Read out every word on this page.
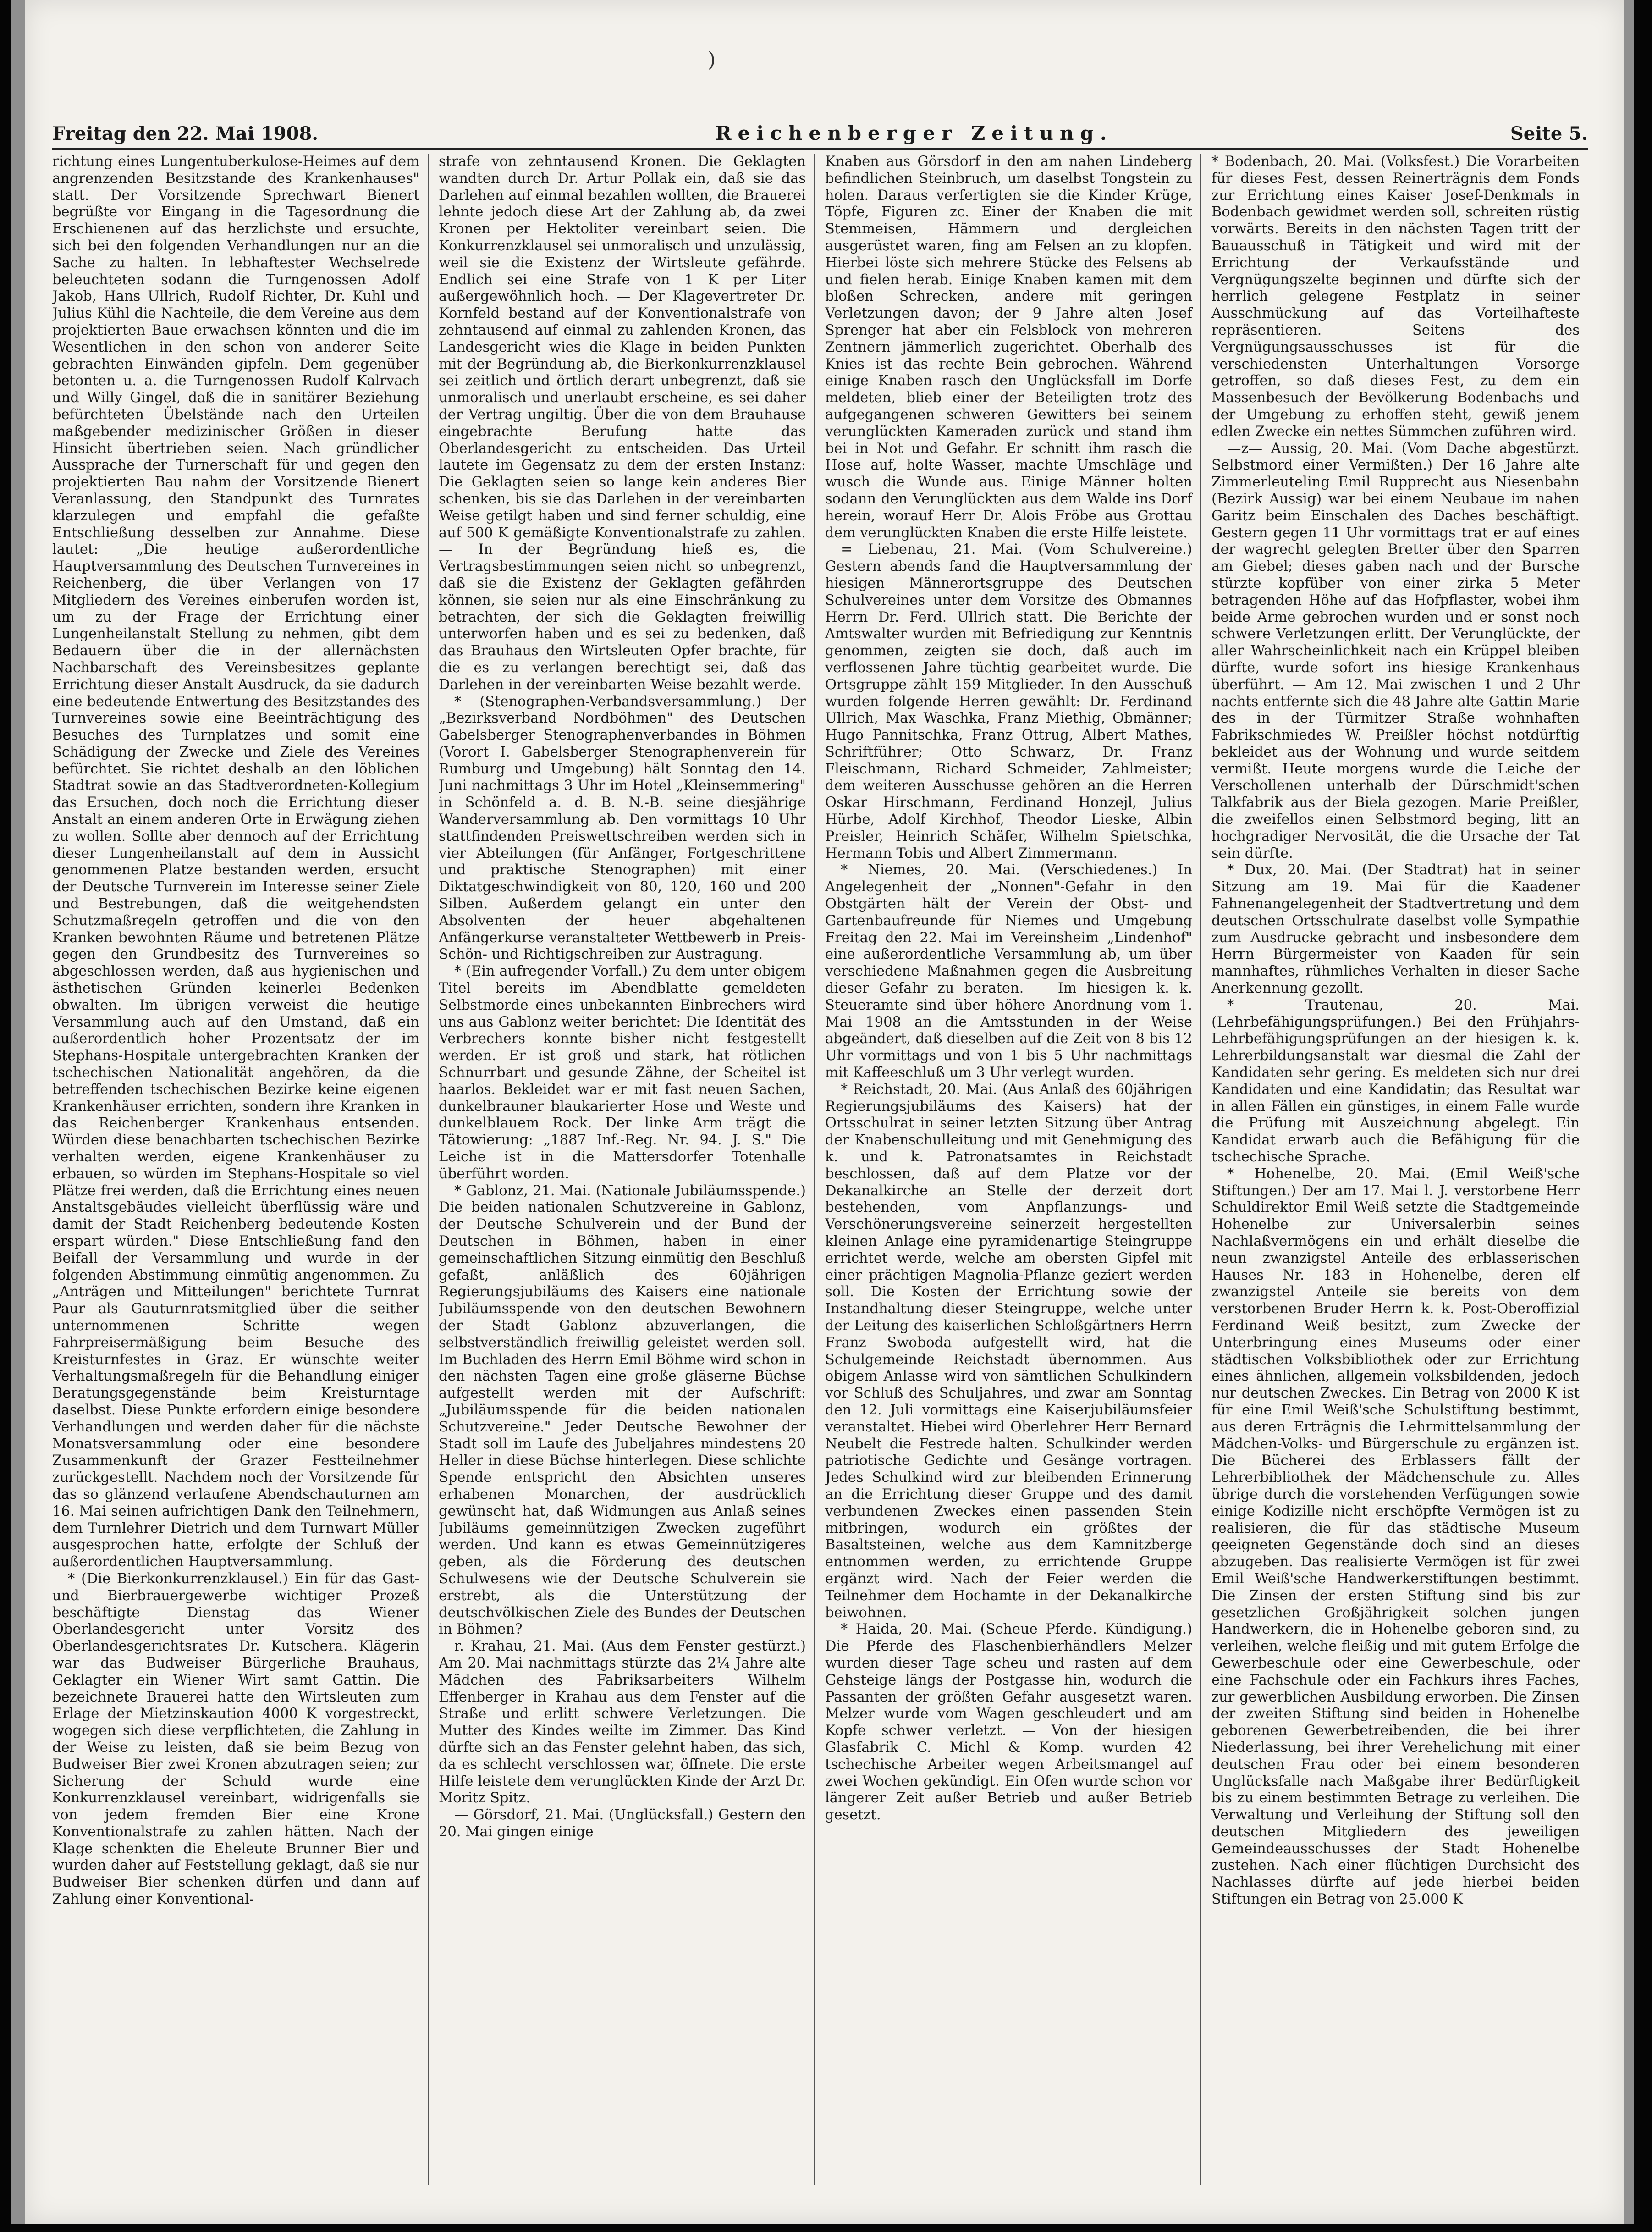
)
Freitag den 22. Mai 1908.	Reichenberger Zeitung.	Seite 5.

richtung eines Lungentuberkulose-Heimes auf dem angrenzenden Besitzstande des Krankenhauses" statt. Der Vorsitzende Sprechwart Bienert begrüßte vor Eingang in die Tagesordnung die Erschienenen auf das herzlichste und ersuchte, sich bei den folgenden Verhandlungen nur an die Sache zu halten. In lebhaftester Wechselrede beleuchteten sodann die Turngenossen Adolf Jakob, Hans Ullrich, Rudolf Richter, Dr. Kuhl und Julius Kühl die Nachteile, die dem Vereine aus dem projektierten Baue erwachsen könnten und die im Wesentlichen in den schon von anderer Seite gebrachten Einwänden gipfeln. Dem gegenüber betonten u. a. die Turngenossen Rudolf Kalrvach und Willy Gingel, daß die in sanitärer Beziehung befürchteten Übelstände nach den Urteilen maßgebender medizinischer Größen in dieser Hinsicht übertrieben seien. Nach gründlicher Aussprache der Turnerschaft für und gegen den projektierten Bau nahm der Vorsitzende Bienert Veranlassung, den Standpunkt des Turnrates klarzulegen und empfahl die gefaßte Entschließung desselben zur Annahme. Diese lautet: „Die heutige außerordentliche Hauptversammlung des Deutschen Turnvereines in Reichenberg, die über Verlangen von 17 Mitgliedern des Vereines einberufen worden ist, um zu der Frage der Errichtung einer Lungenheilanstalt Stellung zu nehmen, gibt dem Bedauern über die in der allernächsten Nachbarschaft des Vereinsbesitzes geplante Errichtung dieser Anstalt Ausdruck, da sie dadurch eine bedeutende Entwertung des Besitzstandes des Turnvereines sowie eine Beeinträchtigung des Besuches des Turnplatzes und somit eine Schädigung der Zwecke und Ziele des Vereines befürchtet. Sie richtet deshalb an den löblichen Stadtrat sowie an das Stadtverordneten-Kollegium das Ersuchen, doch noch die Errichtung dieser Anstalt an einem anderen Orte in Erwägung ziehen zu wollen. Sollte aber dennoch auf der Errichtung dieser Lungenheilanstalt auf dem in Aussicht genommenen Platze bestanden werden, ersucht der Deutsche Turnverein im Interesse seiner Ziele und Bestrebungen, daß die weitgehendsten Schutzmaßregeln getroffen und die von den Kranken bewohnten Räume und betretenen Plätze gegen den Grundbesitz des Turnvereines so abgeschlossen werden, daß aus hygienischen und ästhetischen Gründen keinerlei Bedenken obwalten. Im übrigen verweist die heutige Versammlung auch auf den Umstand, daß ein außerordentlich hoher Prozentsatz der im Stephans-Hospitale untergebrachten Kranken der tschechischen Nationalität angehören, da die betreffenden tschechischen Bezirke keine eigenen Krankenhäuser errichten, sondern ihre Kranken in das Reichenberger Krankenhaus entsenden. Würden diese benachbarten tschechischen Bezirke verhalten werden, eigene Krankenhäuser zu erbauen, so würden im Stephans-Hospitale so viel Plätze frei werden, daß die Errichtung eines neuen Anstaltsgebäudes vielleicht überflüssig wäre und damit der Stadt Reichenberg bedeutende Kosten erspart würden." Diese Entschließung fand den Beifall der Versammlung und wurde in der folgenden Abstimmung einmütig angenommen. Zu „Anträgen und Mitteilungen" berichtete Turnrat Paur als Gauturnratsmitglied über die seither unternommenen Schritte wegen Fahrpreisermäßigung beim Besuche des Kreisturnfestes in Graz. Er wünschte weiter Verhaltungsmaßregeln für die Behandlung einiger Beratungsgegenstände beim Kreisturntage daselbst. Diese Punkte erfordern einige besondere Verhandlungen und werden daher für die nächste Monatsversammlung oder eine besondere Zusammenkunft der Grazer Festteilnehmer zurückgestellt. Nachdem noch der Vorsitzende für das so glänzend verlaufene Abendschauturnen am 16. Mai seinen aufrichtigen Dank den Teilnehmern, dem Turnlehrer Dietrich und dem Turnwart Müller ausgesprochen hatte, erfolgte der Schluß der außerordentlichen Hauptversammlung.

* (Die Bierkonkurrenzklausel.) Ein für das Gast- und Bierbrauergewerbe wichtiger Prozeß beschäftigte Dienstag das Wiener Oberlandesgericht unter Vorsitz des Oberlandesgerichtsrates Dr. Kutschera. Klägerin war das Budweiser Bürgerliche Brauhaus, Geklagter ein Wiener Wirt samt Gattin. Die bezeichnete Brauerei hatte den Wirtsleuten zum Erlage der Mietzinskaution 4000 K vorgestreckt, wogegen sich diese verpflichteten, die Zahlung in der Weise zu leisten, daß sie beim Bezug von Budweiser Bier zwei Kronen abzutragen seien; zur Sicherung der Schuld wurde eine Konkurrenzklausel vereinbart, widrigenfalls sie von jedem fremden Bier eine Krone Konventionalstrafe zu zahlen hätten. Nach der Klage schenkten die Eheleute Brunner Bier und wurden daher auf Feststellung geklagt, daß sie nur Budweiser Bier schenken dürfen und dann auf Zahlung einer Konventional-

strafe von zehntausend Kronen. Die Geklagten wandten durch Dr. Artur Pollak ein, daß sie das Darlehen auf einmal bezahlen wollten, die Brauerei lehnte jedoch diese Art der Zahlung ab, da zwei Kronen per Hektoliter vereinbart seien. Die Konkurrenzklausel sei unmoralisch und unzulässig, weil sie die Existenz der Wirtsleute gefährde. Endlich sei eine Strafe von 1 K per Liter außergewöhnlich hoch. — Der Klagevertreter Dr. Kornfeld bestand auf der Konventionalstrafe von zehntausend auf einmal zu zahlenden Kronen, das Landesgericht wies die Klage in beiden Punkten mit der Begründung ab, die Bierkonkurrenzklausel sei zeitlich und örtlich derart unbegrenzt, daß sie unmoralisch und unerlaubt erscheine, es sei daher der Vertrag ungiltig. Über die von dem Brauhause eingebrachte Berufung hatte das Oberlandesgericht zu entscheiden. Das Urteil lautete im Gegensatz zu dem der ersten Instanz: Die Geklagten seien so lange kein anderes Bier schenken, bis sie das Darlehen in der vereinbarten Weise getilgt haben und sind ferner schuldig, eine auf 500 K gemäßigte Konventionalstrafe zu zahlen. — In der Begründung hieß es, die Vertragsbestimmungen seien nicht so unbegrenzt, daß sie die Existenz der Geklagten gefährden können, sie seien nur als eine Einschränkung zu betrachten, der sich die Geklagten freiwillig unterworfen haben und es sei zu bedenken, daß das Brauhaus den Wirtsleuten Opfer brachte, für die es zu verlangen berechtigt sei, daß das Darlehen in der vereinbarten Weise bezahlt werde.

* (Stenographen-Verbandsversammlung.) Der „Bezirksverband Nordböhmen" des Deutschen Gabelsberger Stenographenverbandes in Böhmen (Vorort I. Gabelsberger Stenographenverein für Rumburg und Umgebung) hält Sonntag den 14. Juni nachmittags 3 Uhr im Hotel „Kleinsemmering" in Schönfeld a. d. B. N.-B. seine diesjährige Wanderversammlung ab. Den vormittags 10 Uhr stattfindenden Preiswettschreiben werden sich in vier Abteilungen (für Anfänger, Fortgeschrittene und praktische Stenographen) mit einer Diktatgeschwindigkeit von 80, 120, 160 und 200 Silben. Außerdem gelangt ein unter den Absolventen der heuer abgehaltenen Anfängerkurse veranstalteter Wettbewerb in Preis-Schön- und Richtigschreiben zur Austragung.

* (Ein aufregender Vorfall.) Zu dem unter obigem Titel bereits im Abendblatte gemeldeten Selbstmorde eines unbekannten Einbrechers wird uns aus Gablonz weiter berichtet: Die Identität des Verbrechers konnte bisher nicht festgestellt werden. Er ist groß und stark, hat rötlichen Schnurrbart und gesunde Zähne, der Scheitel ist haarlos. Bekleidet war er mit fast neuen Sachen, dunkelbrauner blaukarierter Hose und Weste und dunkelblauem Rock. Der linke Arm trägt die Tätowierung: „1887 Inf.-Reg. Nr. 94. J. S." Die Leiche ist in die Mattersdorfer Totenhalle überführt worden.

* Gablonz, 21. Mai. (Nationale Jubiläumsspende.) Die beiden nationalen Schutzvereine in Gablonz, der Deutsche Schulverein und der Bund der Deutschen in Böhmen, haben in einer gemeinschaftlichen Sitzung einmütig den Beschluß gefaßt, anläßlich des 60jährigen Regierungsjubiläums des Kaisers eine nationale Jubiläumsspende von den deutschen Bewohnern der Stadt Gablonz abzuverlangen, die selbstverständlich freiwillig geleistet werden soll. Im Buchladen des Herrn Emil Böhme wird schon in den nächsten Tagen eine große gläserne Büchse aufgestellt werden mit der Aufschrift: „Jubiläumsspende für die beiden nationalen Schutzvereine." Jeder Deutsche Bewohner der Stadt soll im Laufe des Jubeljahres mindestens 20 Heller in diese Büchse hinterlegen. Diese schlichte Spende entspricht den Absichten unseres erhabenen Monarchen, der ausdrücklich gewünscht hat, daß Widmungen aus Anlaß seines Jubiläums gemeinnützigen Zwecken zugeführt werden. Und kann es etwas Gemeinnützigeres geben, als die Förderung des deutschen Schulwesens wie der Deutsche Schulverein sie erstrebt, als die Unterstützung der deutschvölkischen Ziele des Bundes der Deutschen in Böhmen?

r. Krahau, 21. Mai. (Aus dem Fenster gestürzt.) Am 20. Mai nachmittags stürzte das 2¼ Jahre alte Mädchen des Fabriksarbeiters Wilhelm Effenberger in Krahau aus dem Fenster auf die Straße und erlitt schwere Verletzungen. Die Mutter des Kindes weilte im Zimmer. Das Kind dürfte sich an das Fenster gelehnt haben, das sich, da es schlecht verschlossen war, öffnete. Die erste Hilfe leistete dem verunglückten Kinde der Arzt Dr. Moritz Spitz.

— Görsdorf, 21. Mai. (Unglücksfall.) Gestern den 20. Mai gingen einige

Knaben aus Görsdorf in den am nahen Lindeberg befindlichen Steinbruch, um daselbst Tongstein zu holen. Daraus verfertigten sie die Kinder Krüge, Töpfe, Figuren zc. Einer der Knaben die mit Stemmeisen, Hämmern und dergleichen ausgerüstet waren, fing am Felsen an zu klopfen. Hierbei löste sich mehrere Stücke des Felsens ab und fielen herab. Einige Knaben kamen mit dem bloßen Schrecken, andere mit geringen Verletzungen davon; der 9 Jahre alten Josef Sprenger hat aber ein Felsblock von mehreren Zentnern jämmerlich zugerichtet. Oberhalb des Knies ist das rechte Bein gebrochen. Während einige Knaben rasch den Unglücksfall im Dorfe meldeten, blieb einer der Beteiligten trotz des aufgegangenen schweren Gewitters bei seinem verunglückten Kameraden zurück und stand ihm bei in Not und Gefahr. Er schnitt ihm rasch die Hose auf, holte Wasser, machte Umschläge und wusch die Wunde aus. Einige Männer holten sodann den Verunglückten aus dem Walde ins Dorf herein, worauf Herr Dr. Alois Fröbe aus Grottau dem verunglückten Knaben die erste Hilfe leistete.

= Liebenau, 21. Mai. (Vom Schulvereine.) Gestern abends fand die Hauptversammlung der hiesigen Männerortsgruppe des Deutschen Schulvereines unter dem Vorsitze des Obmannes Herrn Dr. Ferd. Ullrich statt. Die Berichte der Amtswalter wurden mit Befriedigung zur Kenntnis genommen, zeigten sie doch, daß auch im verflossenen Jahre tüchtig gearbeitet wurde. Die Ortsgruppe zählt 159 Mitglieder. In den Ausschuß wurden folgende Herren gewählt: Dr. Ferdinand Ullrich, Max Waschka, Franz Miethig, Obmänner; Hugo Pannitschka, Franz Ottrug, Albert Mathes, Schriftführer; Otto Schwarz, Dr. Franz Fleischmann, Richard Schmeider, Zahlmeister; dem weiteren Ausschusse gehören an die Herren Oskar Hirschmann, Ferdinand Honzejl, Julius Hürbe, Adolf Kirchhof, Theodor Lieske, Albin Preisler, Heinrich Schäfer, Wilhelm Spietschka, Hermann Tobis und Albert Zimmermann.

* Niemes, 20. Mai. (Verschiedenes.) In Angelegenheit der „Nonnen"-Gefahr in den Obstgärten hält der Verein der Obst- und Gartenbaufreunde für Niemes und Umgebung Freitag den 22. Mai im Vereinsheim „Lindenhof" eine außerordentliche Versammlung ab, um über verschiedene Maßnahmen gegen die Ausbreitung dieser Gefahr zu beraten. — Im hiesigen k. k. Steueramte sind über höhere Anordnung vom 1. Mai 1908 an die Amtsstunden in der Weise abgeändert, daß dieselben auf die Zeit von 8 bis 12 Uhr vormittags und von 1 bis 5 Uhr nachmittags mit Kaffeeschluß um 3 Uhr verlegt wurden.

* Reichstadt, 20. Mai. (Aus Anlaß des 60jährigen Regierungsjubiläums des Kaisers) hat der Ortsschulrat in seiner letzten Sitzung über Antrag der Knabenschulleitung und mit Genehmigung des k. und k. Patronatsamtes in Reichstadt beschlossen, daß auf dem Platze vor der Dekanalkirche an Stelle der derzeit dort bestehenden, vom Anpflanzungs- und Verschönerungsvereine seinerzeit hergestellten kleinen Anlage eine pyramidenartige Steingruppe errichtet werde, welche am obersten Gipfel mit einer prächtigen Magnolia-Pflanze geziert werden soll. Die Kosten der Errichtung sowie der Instandhaltung dieser Steingruppe, welche unter der Leitung des kaiserlichen Schloßgärtners Herrn Franz Swoboda aufgestellt wird, hat die Schulgemeinde Reichstadt übernommen. Aus obigem Anlasse wird von sämtlichen Schulkindern vor Schluß des Schuljahres, und zwar am Sonntag den 12. Juli vormittags eine Kaiserjubiläumsfeier veranstaltet. Hiebei wird Oberlehrer Herr Bernard Neubelt die Festrede halten. Schulkinder werden patriotische Gedichte und Gesänge vortragen. Jedes Schulkind wird zur bleibenden Erinnerung an die Errichtung dieser Gruppe und des damit verbundenen Zweckes einen passenden Stein mitbringen, wodurch ein größtes der Basaltsteinen, welche aus dem Kamnitzberge entnommen werden, zu errichtende Gruppe ergänzt wird. Nach der Feier werden die Teilnehmer dem Hochamte in der Dekanalkirche beiwohnen.

* Haida, 20. Mai. (Scheue Pferde. Kündigung.) Die Pferde des Flaschenbierhändlers Melzer wurden dieser Tage scheu und rasten auf dem Gehsteige längs der Postgasse hin, wodurch die Passanten der größten Gefahr ausgesetzt waren. Melzer wurde vom Wagen geschleudert und am Kopfe schwer verletzt. — Von der hiesigen Glasfabrik C. Michl & Komp. wurden 42 tschechische Arbeiter wegen Arbeitsmangel auf zwei Wochen gekündigt. Ein Ofen wurde schon vor längerer Zeit außer Betrieb und außer Betrieb gesetzt.

* Bodenbach, 20. Mai. (Volksfest.) Die Vorarbeiten für dieses Fest, dessen Reinerträgnis dem Fonds zur Errichtung eines Kaiser Josef-Denkmals in Bodenbach gewidmet werden soll, schreiten rüstig vorwärts. Bereits in den nächsten Tagen tritt der Bauausschuß in Tätigkeit und wird mit der Errichtung der Verkaufsstände und Vergnügungszelte beginnen und dürfte sich der herrlich gelegene Festplatz in seiner Ausschmückung auf das Vorteilhafteste repräsentieren. Seitens des Vergnügungsausschusses ist für die verschiedensten Unterhaltungen Vorsorge getroffen, so daß dieses Fest, zu dem ein Massenbesuch der Bevölkerung Bodenbachs und der Umgebung zu erhoffen steht, gewiß jenem edlen Zwecke ein nettes Sümmchen zuführen wird.

—z— Aussig, 20. Mai. (Vom Dache abgestürzt. Selbstmord einer Vermißten.) Der 16 Jahre alte Zimmerleuteling Emil Rupprecht aus Niesenbahn (Bezirk Aussig) war bei einem Neubaue im nahen Garitz beim Einschalen des Daches beschäftigt. Gestern gegen 11 Uhr vormittags trat er auf eines der wagrecht gelegten Bretter über den Sparren am Giebel; dieses gaben nach und der Bursche stürzte kopfüber von einer zirka 5 Meter betragenden Höhe auf das Hofpflaster, wobei ihm beide Arme gebrochen wurden und er sonst noch schwere Verletzungen erlitt. Der Verunglückte, der aller Wahrscheinlichkeit nach ein Krüppel bleiben dürfte, wurde sofort ins hiesige Krankenhaus überführt. — Am 12. Mai zwischen 1 und 2 Uhr nachts entfernte sich die 48 Jahre alte Gattin Marie des in der Türmitzer Straße wohnhaften Fabrikschmiedes W. Preißler höchst notdürftig bekleidet aus der Wohnung und wurde seitdem vermißt. Heute morgens wurde die Leiche der Verschollenen unterhalb der Dürschmidt'schen Talkfabrik aus der Biela gezogen. Marie Preißler, die zweifellos einen Selbstmord beging, litt an hochgradiger Nervosität, die die Ursache der Tat sein dürfte.

* Dux, 20. Mai. (Der Stadtrat) hat in seiner Sitzung am 19. Mai für die Kaadener Fahnenangelegenheit der Stadtvertretung und dem deutschen Ortsschulrate daselbst volle Sympathie zum Ausdrucke gebracht und insbesondere dem Herrn Bürgermeister von Kaaden für sein mannhaftes, rühmliches Verhalten in dieser Sache Anerkennung gezollt.

* Trautenau, 20. Mai. (Lehrbefähigungsprüfungen.) Bei den Frühjahrs-Lehrbefähigungsprüfungen an der hiesigen k. k. Lehrerbildungsanstalt war diesmal die Zahl der Kandidaten sehr gering. Es meldeten sich nur drei Kandidaten und eine Kandidatin; das Resultat war in allen Fällen ein günstiges, in einem Falle wurde die Prüfung mit Auszeichnung abgelegt. Ein Kandidat erwarb auch die Befähigung für die tschechische Sprache.

* Hohenelbe, 20. Mai. (Emil Weiß'sche Stiftungen.) Der am 17. Mai l. J. verstorbene Herr Schuldirektor Emil Weiß setzte die Stadtgemeinde Hohenelbe zur Universalerbin seines Nachlaßvermögens ein und erhält dieselbe die neun zwanzigstel Anteile des erblasserischen Hauses Nr. 183 in Hohenelbe, deren elf zwanzigstel Anteile sie bereits von dem verstorbenen Bruder Herrn k. k. Post-Oberoffizial Ferdinand Weiß besitzt, zum Zwecke der Unterbringung eines Museums oder einer städtischen Volksbibliothek oder zur Errichtung eines ähnlichen, allgemein volksbildenden, jedoch nur deutschen Zweckes. Ein Betrag von 2000 K ist für eine Emil Weiß'sche Schulstiftung bestimmt, aus deren Erträgnis die Lehrmittelsammlung der Mädchen-Volks- und Bürgerschule zu ergänzen ist. Die Bücherei des Erblassers fällt der Lehrerbibliothek der Mädchenschule zu. Alles übrige durch die vorstehenden Verfügungen sowie einige Kodizille nicht erschöpfte Vermögen ist zu realisieren, die für das städtische Museum geeigneten Gegenstände doch sind an dieses abzugeben. Das realisierte Vermögen ist für zwei Emil Weiß'sche Handwerkerstiftungen bestimmt. Die Zinsen der ersten Stiftung sind bis zur gesetzlichen Großjährigkeit solchen jungen Handwerkern, die in Hohenelbe geboren sind, zu verleihen, welche fleißig und mit gutem Erfolge die Gewerbeschule oder eine Gewerbeschule, oder eine Fachschule oder ein Fachkurs ihres Faches, zur gewerblichen Ausbildung erworben. Die Zinsen der zweiten Stiftung sind beiden in Hohenelbe geborenen Gewerbetreibenden, die bei ihrer Niederlassung, bei ihrer Verehelichung mit einer deutschen Frau oder bei einem besonderen Unglücksfalle nach Maßgabe ihrer Bedürftigkeit bis zu einem bestimmten Betrage zu verleihen. Die Verwaltung und Verleihung der Stiftung soll den deutschen Mitgliedern des jeweiligen Gemeindeausschusses der Stadt Hohenelbe zustehen. Nach einer flüchtigen Durchsicht des Nachlasses dürfte auf jede hierbei beiden Stiftungen ein Betrag von 25.000 K
